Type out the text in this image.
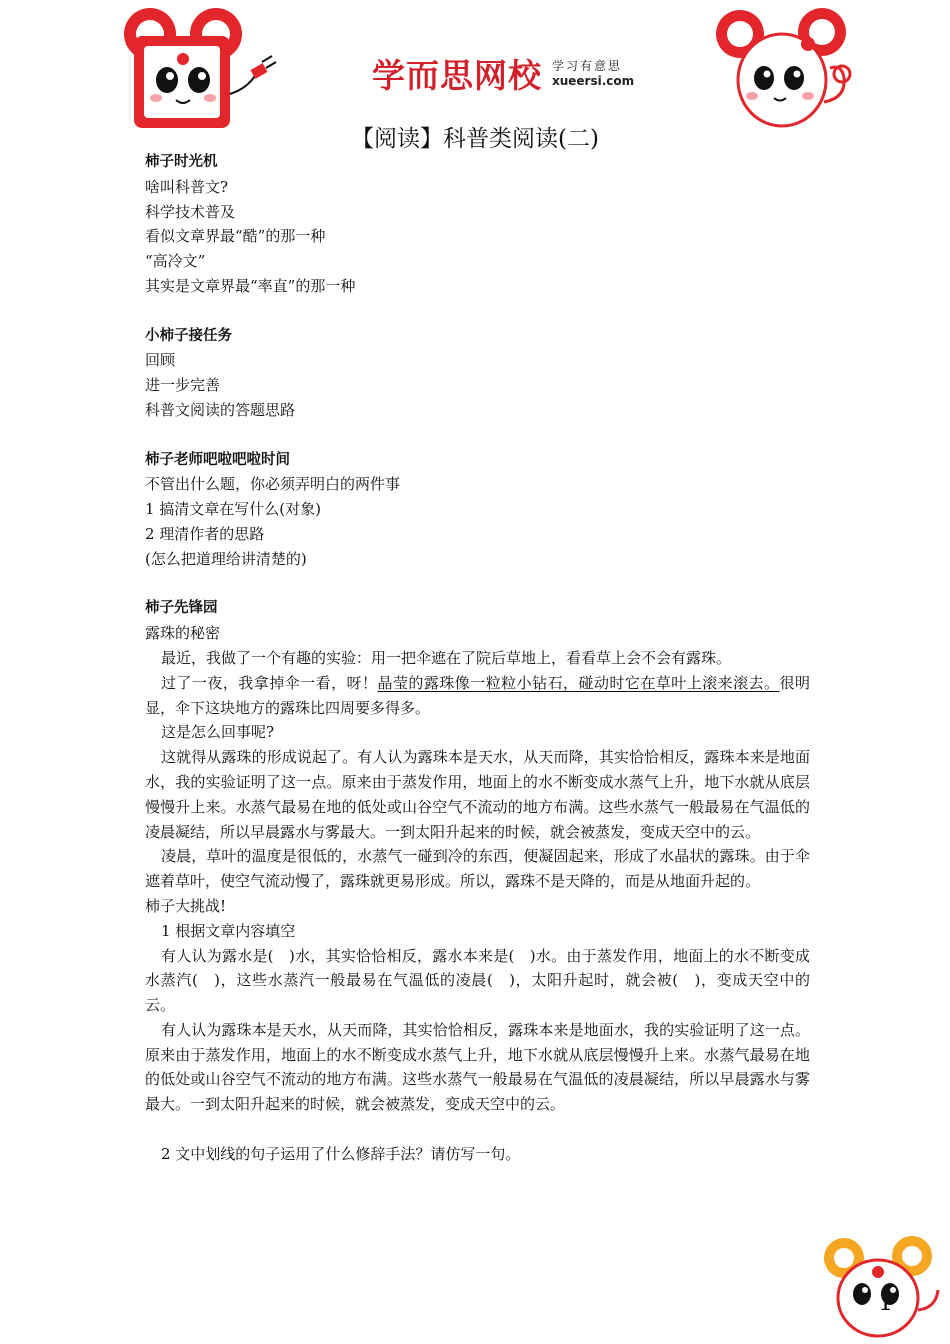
学而思网校 学习有意思
xueersi.com
【阅读】科普类阅读(二)
柿子时光机
啥叫科普文?
科学技术普及
看似文章界最“酷”的那一种
“高冷文”
其实是文章界最“率直”的那一种
小柿子接任务
回顾
进一步完善
科普文阅读的答题思路
柿子老师吧啦吧啦时间
不管出什么题，你必须弄明白的两件事
1 搞清文章在写什么(对象)
2 理清作者的思路
(怎么把道理给讲清楚的)
柿子先锋园
露珠的秘密
最近，我做了一个有趣的实验：用一把伞遮在了院后草地上，看看草上会不会有露珠。
过了一夜，我拿掉伞一看，呀！晶莹的露珠像一粒粒小钻石，碰动时它在草叶上滚来滚去。很明显，伞下这块地方的露珠比四周要多得多。
这是怎么回事呢?
这就得从露珠的形成说起了。有人认为露珠本是天水，从天而降，其实恰恰相反，露珠本来是地面水，我的实验证明了这一点。原来由于蒸发作用，地面上的水不断变成水蒸气上升，地下水就从底层慢慢升上来。水蒸气最易在地的低处或山谷空气不流动的地方布满。这些水蒸气一般最易在气温低的凌晨凝结，所以早晨露水与雾最大。一到太阳升起来的时候，就会被蒸发，变成天空中的云。
凌晨，草叶的温度是很低的，水蒸气一碰到冷的东西，便凝固起来，形成了水晶状的露珠。由于伞遮着草叶，使空气流动慢了，露珠就更易形成。所以，露珠不是天降的，而是从地面升起的。
柿子大挑战!
1 根据文章内容填空
有人认为露水是(　)水，其实恰恰相反，露水本来是(　)水。由于蒸发作用，地面上的水不断变成水蒸汽(　)，这些水蒸汽一般最易在气温低的凌晨(　)，太阳升起时，就会被(　)，变成天空中的云。
有人认为露珠本是天水，从天而降，其实恰恰相反，露珠本来是地面水，我的实验证明了这一点。原来由于蒸发作用，地面上的水不断变成水蒸气上升，地下水就从底层慢慢升上来。水蒸气最易在地的低处或山谷空气不流动的地方布满。这些水蒸气一般最易在气温低的凌晨凝结，所以早晨露水与雾最大。一到太阳升起来的时候，就会被蒸发，变成天空中的云。
2 文中划线的句子运用了什么修辞手法？请仿写一句。
1
